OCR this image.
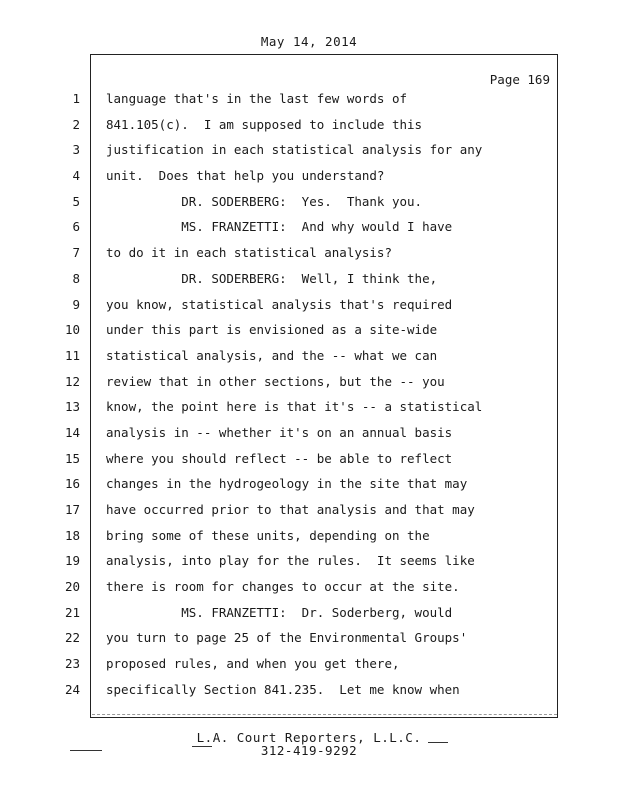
May 14, 2014
Page 169
1 language that's in the last few words of
2 841.105(c).  I am supposed to include this
3 justification in each statistical analysis for any
4 unit.  Does that help you understand?
5 DR. SODERBERG:  Yes.  Thank you.
6 MS. FRANZETTI:  And why would I have
7 to do it in each statistical analysis?
8 DR. SODERBERG:  Well, I think the,
9 you know, statistical analysis that's required
10 under this part is envisioned as a site-wide
11 statistical analysis, and the -- what we can
12 review that in other sections, but the -- you
13 know, the point here is that it's -- a statistical
14 analysis in -- whether it's on an annual basis
15 where you should reflect -- be able to reflect
16 changes in the hydrogeology in the site that may
17 have occurred prior to that analysis and that may
18 bring some of these units, depending on the
19 analysis, into play for the rules.  It seems like
20 there is room for changes to occur at the site.
21 MS. FRANZETTI:  Dr. Soderberg, would
22 you turn to page 25 of the Environmental Groups'
23 proposed rules, and when you get there,
24 specifically Section 841.235.  Let me know when
L.A. Court Reporters, L.L.C.
312-419-9292
